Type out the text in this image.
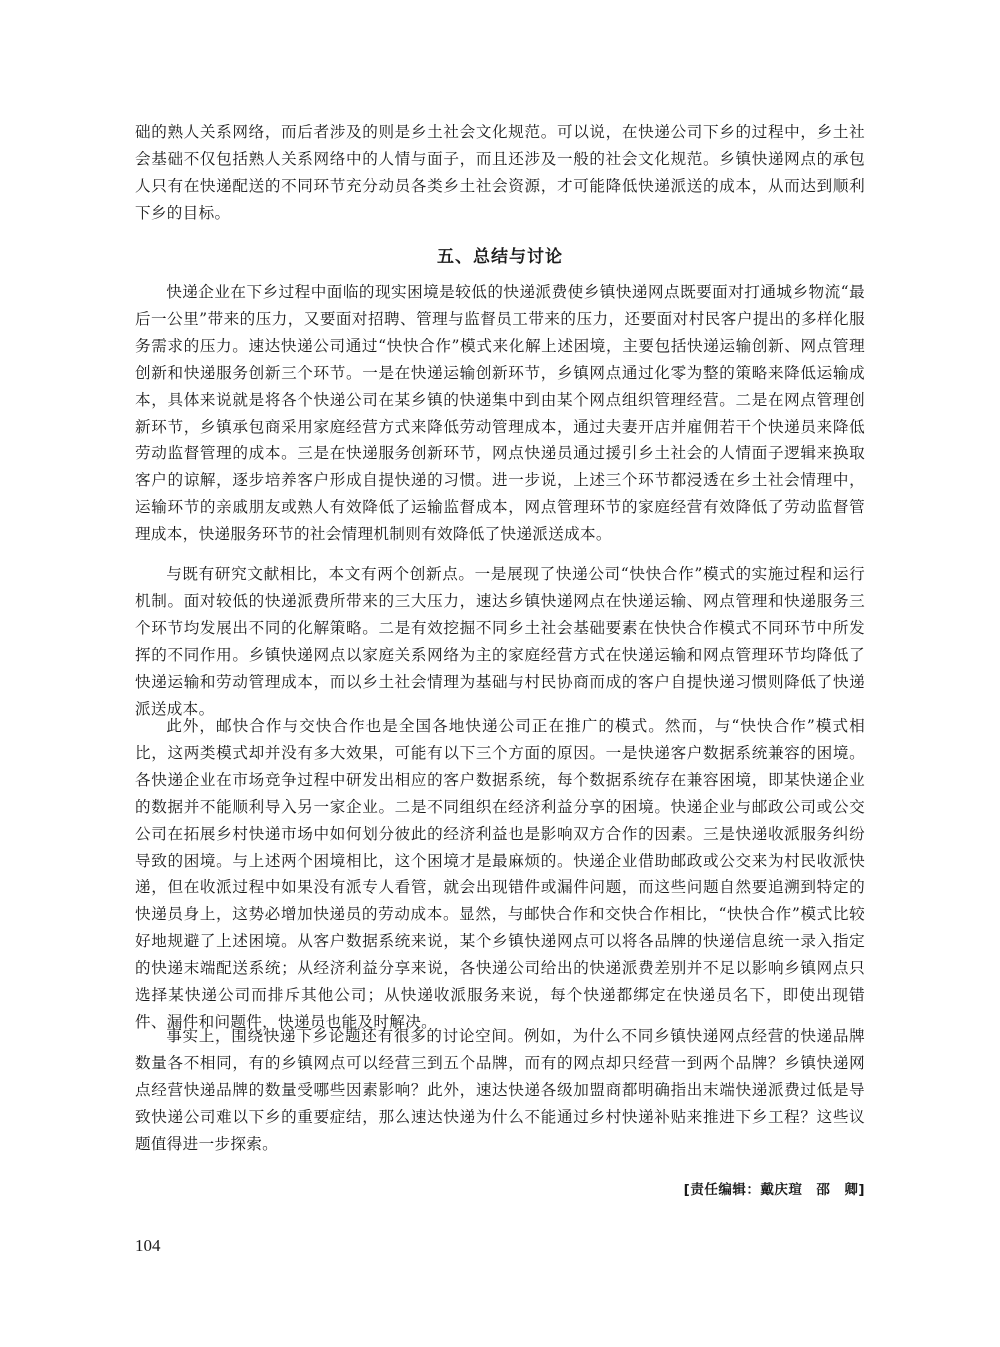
础的熟人关系网络，而后者涉及的则是乡土社会文化规范。可以说，在快递公司下乡的过程中，乡土社会基础不仅包括熟人关系网络中的人情与面子，而且还涉及一般的社会文化规范。乡镇快递网点的承包人只有在快递配送的不同环节充分动员各类乡土社会资源，才可能降低快递派送的成本，从而达到顺利下乡的目标。

五、总结与讨论

快递企业在下乡过程中面临的现实困境是较低的快递派费使乡镇快递网点既要面对打通城乡物流“最后一公里”带来的压力，又要面对招聘、管理与监督员工带来的压力，还要面对村民客户提出的多样化服务需求的压力。速达快递公司通过“快快合作”模式来化解上述困境，主要包括快递运输创新、网点管理创新和快递服务创新三个环节。一是在快递运输创新环节，乡镇网点通过化零为整的策略来降低运输成本，具体来说就是将各个快递公司在某乡镇的快递集中到由某个网点组织管理经营。二是在网点管理创新环节，乡镇承包商采用家庭经营方式来降低劳动管理成本，通过夫妻开店并雇佣若干个快递员来降低劳动监督管理的成本。三是在快递服务创新环节，网点快递员通过援引乡土社会的人情面子逻辑来换取客户的谅解，逐步培养客户形成自提快递的习惯。进一步说，上述三个环节都浸透在乡土社会情理中，运输环节的亲戚朋友或熟人有效降低了运输监督成本，网点管理环节的家庭经营有效降低了劳动监督管理成本，快递服务环节的社会情理机制则有效降低了快递派送成本。

与既有研究文献相比，本文有两个创新点。一是展现了快递公司“快快合作”模式的实施过程和运行机制。面对较低的快递派费所带来的三大压力，速达乡镇快递网点在快递运输、网点管理和快递服务三个环节均发展出不同的化解策略。二是有效挖掘不同乡土社会基础要素在快快合作模式不同环节中所发挥的不同作用。乡镇快递网点以家庭关系网络为主的家庭经营方式在快递运输和网点管理环节均降低了快递运输和劳动管理成本，而以乡土社会情理为基础与村民协商而成的客户自提快递习惯则降低了快递派送成本。

此外，邮快合作与交快合作也是全国各地快递公司正在推广的模式。然而，与“快快合作”模式相比，这两类模式却并没有多大效果，可能有以下三个方面的原因。一是快递客户数据系统兼容的困境。各快递企业在市场竞争过程中研发出相应的客户数据系统，每个数据系统存在兼容困境，即某快递企业的数据并不能顺利导入另一家企业。二是不同组织在经济利益分享的困境。快递企业与邮政公司或公交公司在拓展乡村快递市场中如何划分彼此的经济利益也是影响双方合作的因素。三是快递收派服务纠纷导致的困境。与上述两个困境相比，这个困境才是最麻烦的。快递企业借助邮政或公交来为村民收派快递，但在收派过程中如果没有派专人看管，就会出现错件或漏件问题，而这些问题自然要追溯到特定的快递员身上，这势必增加快递员的劳动成本。显然，与邮快合作和交快合作相比，“快快合作”模式比较好地规避了上述困境。从客户数据系统来说，某个乡镇快递网点可以将各品牌的快递信息统一录入指定的快递末端配送系统；从经济利益分享来说，各快递公司给出的快递派费差别并不足以影响乡镇网点只选择某快递公司而排斥其他公司；从快递收派服务来说，每个快递都绑定在快递员名下，即使出现错件、漏件和问题件，快递员也能及时解决。

事实上，围绕快递下乡论题还有很多的讨论空间。例如，为什么不同乡镇快递网点经营的快递品牌数量各不相同，有的乡镇网点可以经营三到五个品牌，而有的网点却只经营一到两个品牌？乡镇快递网点经营快递品牌的数量受哪些因素影响？此外，速达快递各级加盟商都明确指出末端快递派费过低是导致快递公司难以下乡的重要症结，那么速达快递为什么不能通过乡村快递补贴来推进下乡工程？这些议题值得进一步探索。

[责任编辑：戴庆瑄　邵　卿]
104
